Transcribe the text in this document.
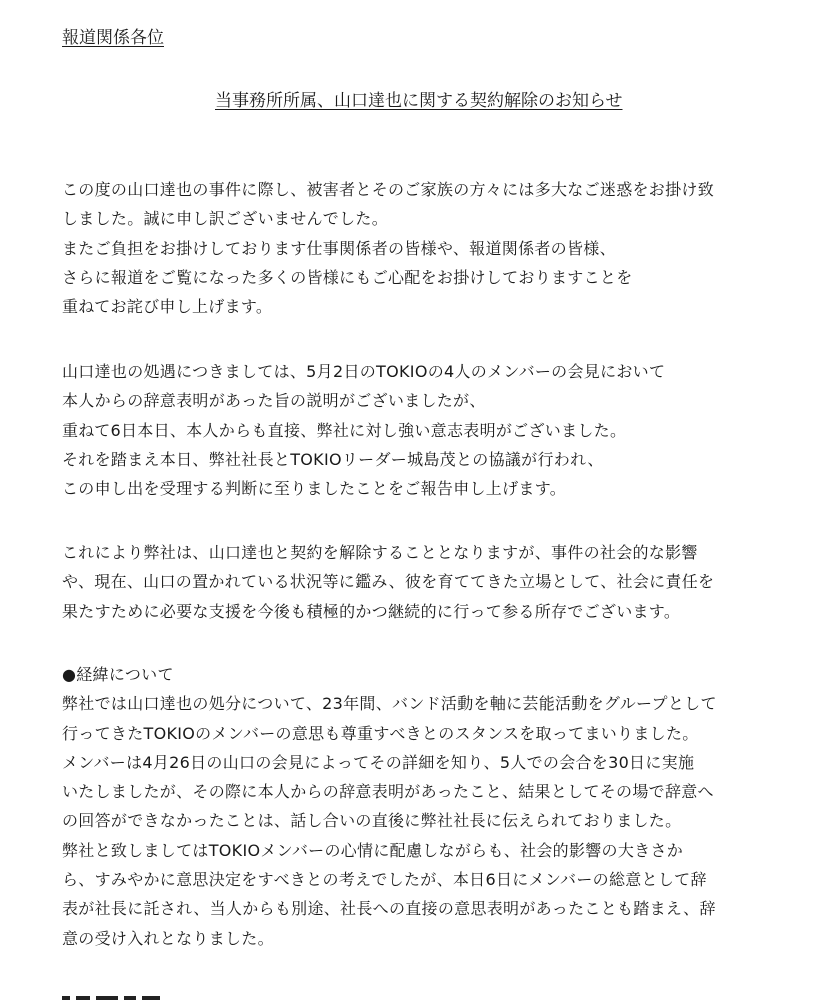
報道関係各位

当事務所所属、山口達也に関する契約解除のお知らせ

この度の山口達也の事件に際し、被害者とそのご家族の方々には多大なご迷惑をお掛け致
しました。誠に申し訳ございませんでした。
またご負担をお掛けしております仕事関係者の皆様や、報道関係者の皆様、
さらに報道をご覧になった多くの皆様にもご心配をお掛けしておりますことを
重ねてお詫び申し上げます。

山口達也の処遇につきましては、5月2日のTOKIOの4人のメンバーの会見において
本人からの辞意表明があった旨の説明がございましたが、
重ねて6日本日、本人からも直接、弊社に対し強い意志表明がございました。
それを踏まえ本日、弊社社長とTOKIOリーダー城島茂との協議が行われ、
この申し出を受理する判断に至りましたことをご報告申し上げます。

これにより弊社は、山口達也と契約を解除することとなりますが、事件の社会的な影響
や、現在、山口の置かれている状況等に鑑み、彼を育ててきた立場として、社会に責任を
果たすために必要な支援を今後も積極的かつ継続的に行って参る所存でございます。

●経緯について
弊社では山口達也の処分について、23年間、バンド活動を軸に芸能活動をグループとして
行ってきたTOKIOのメンバーの意思も尊重すべきとのスタンスを取ってまいりました。
メンバーは4月26日の山口の会見によってその詳細を知り、5人での会合を30日に実施
いたしましたが、その際に本人からの辞意表明があったこと、結果としてその場で辞意へ
の回答ができなかったことは、話し合いの直後に弊社社長に伝えられておりました。
弊社と致しましてはTOKIOメンバーの心情に配慮しながらも、社会的影響の大きさか
ら、すみやかに意思決定をすべきとの考えでしたが、本日6日にメンバーの総意として辞
表が社長に託され、当人からも別途、社長への直接の意思表明があったことも踏まえ、辞
意の受け入れとなりました。
